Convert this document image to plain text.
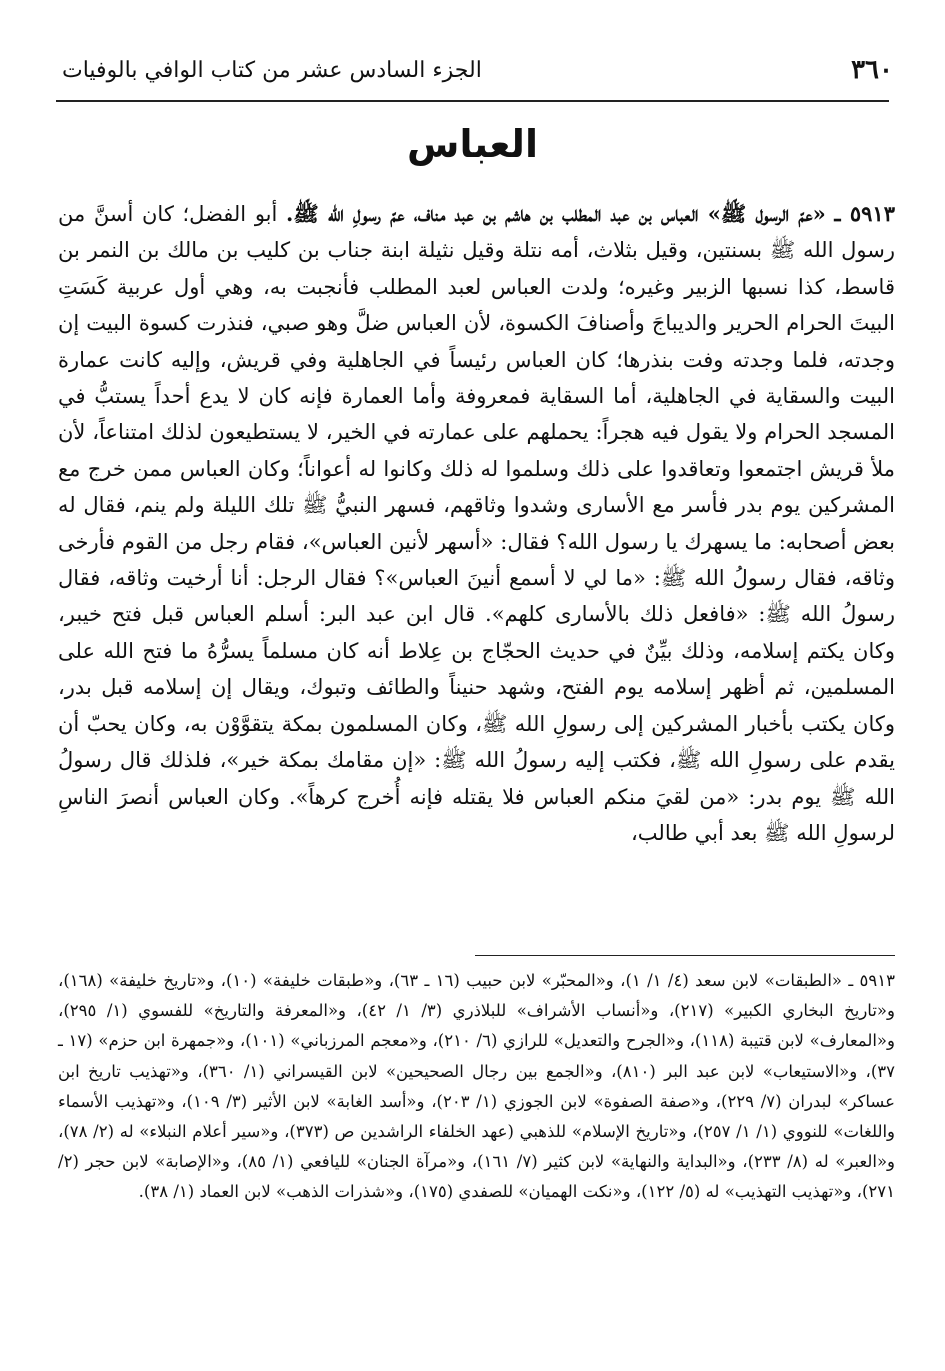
٣٦٠
الجزء السادس عشر من كتاب الوافي بالوفيات
العباس

٥٩١٣ ـ «عمّ الرسول ﷺ» العباس بن عبد المطلب بن هاشم بن عبد مناف، عمّ رسولِ الله ﷺ. أبو الفضل؛ كان أسنَّ من رسول الله ﷺ بسنتين، وقيل بثلاث، أمه نتلة وقيل نثيلة ابنة جناب بن كليب بن مالك بن النمر بن قاسط، كذا نسبها الزبير وغيره؛ ولدت العباس لعبد المطلب فأنجبت به، وهي أول عربية كَسَتِ البيتَ الحرام الحرير والديباجَ وأصنافَ الكسوة، لأن العباس ضلَّ وهو صبي، فنذرت كسوة البيت إن وجدته، فلما وجدته وفت بنذرها؛ كان العباس رئيساً في الجاهلية وفي قريش، وإليه كانت عمارة البيت والسقاية في الجاهلية، أما السقاية فمعروفة وأما العمارة فإنه كان لا يدع أحداً يستبُّ في المسجد الحرام ولا يقول فيه هجراً: يحملهم على عمارته في الخير، لا يستطيعون لذلك امتناعاً، لأن ملأ قريش اجتمعوا وتعاقدوا على ذلك وسلموا له ذلك وكانوا له أعواناً؛ وكان العباس ممن خرج مع المشركين يوم بدر فأسر مع الأسارى وشدوا وثاقهم، فسهر النبيُّ ﷺ تلك الليلة ولم ينم، فقال له بعض أصحابه: ما يسهرك يا رسول الله؟ فقال: «أسهر لأنين العباس»، فقام رجل من القوم فأرخى وثاقه، فقال رسولُ الله ﷺ: «ما لي لا أسمع أنينَ العباس»؟ فقال الرجل: أنا أرخيت وثاقه، فقال رسولُ الله ﷺ: «فافعل ذلك بالأسارى كلهم». قال ابن عبد البر: أسلم العباس قبل فتح خيبر، وكان يكتم إسلامه، وذلك بيِّنٌ في حديث الحجّاج بن عِلاط أنه كان مسلماً يسرُّهُ ما فتح الله على المسلمين، ثم أظهر إسلامه يوم الفتح، وشهد حنيناً والطائف وتبوك، ويقال إن إسلامه قبل بدر، وكان يكتب بأخبار المشركين إلى رسولِ الله ﷺ، وكان المسلمون بمكة يتقوَّوْن به، وكان يحبّ أن يقدم على رسولِ الله ﷺ، فكتب إليه رسولُ الله ﷺ: «إن مقامك بمكة خير»، فلذلك قال رسولُ الله ﷺ يوم بدر: «من لقيَ منكم العباس فلا يقتله فإنه أُخرج كرهاً». وكان العباس أنصرَ الناسِ لرسولِ الله ﷺ بعد أبي طالب،

٥٩١٣ ـ «الطبقات» لابن سعد (٤/ ١/ ١)، و«المحبّر» لابن حبيب (١٦ ـ ٦٣)، و«طبقات خليفة» (١٠)، و«تاريخ خليفة» (١٦٨)، و«تاريخ البخاري الكبير» (٢١٧)، و«أنساب الأشراف» للبلاذري (٣/ ١/ ٤٢)، و«المعرفة والتاريخ» للفسوي (١/ ٢٩٥)، و«المعارف» لابن قتيبة (١١٨)، و«الجرح والتعديل» للرازي (٦/ ٢١٠)، و«معجم المرزباني» (١٠١)، و«جمهرة ابن حزم» (١٧ ـ ٣٧)، و«الاستيعاب» لابن عبد البر (٨١٠)، و«الجمع بين رجال الصحيحين» لابن القيسراني (١/ ٣٦٠)، و«تهذيب تاريخ ابن عساكر» لبدران (٧/ ٢٢٩)، و«صفة الصفوة» لابن الجوزي (١/ ٢٠٣)، و«أسد الغابة» لابن الأثير (٣/ ١٠٩)، و«تهذيب الأسماء واللغات» للنووي (١/ ١/ ٢٥٧)، و«تاريخ الإسلام» للذهبي (عهد الخلفاء الراشدين ص (٣٧٣)، و«سير أعلام النبلاء» له (٢/ ٧٨)، و«العبر» له (٨/ ٢٣٣)، و«البداية والنهاية» لابن كثير (٧/ ١٦١)، و«مرآة الجنان» لليافعي (١/ ٨٥)، و«الإصابة» لابن حجر (٢/ ٢٧١)، و«تهذيب التهذيب» له (٥/ ١٢٢)، و«نكت الهميان» للصفدي (١٧٥)، و«شذرات الذهب» لابن العماد (١/ ٣٨).
